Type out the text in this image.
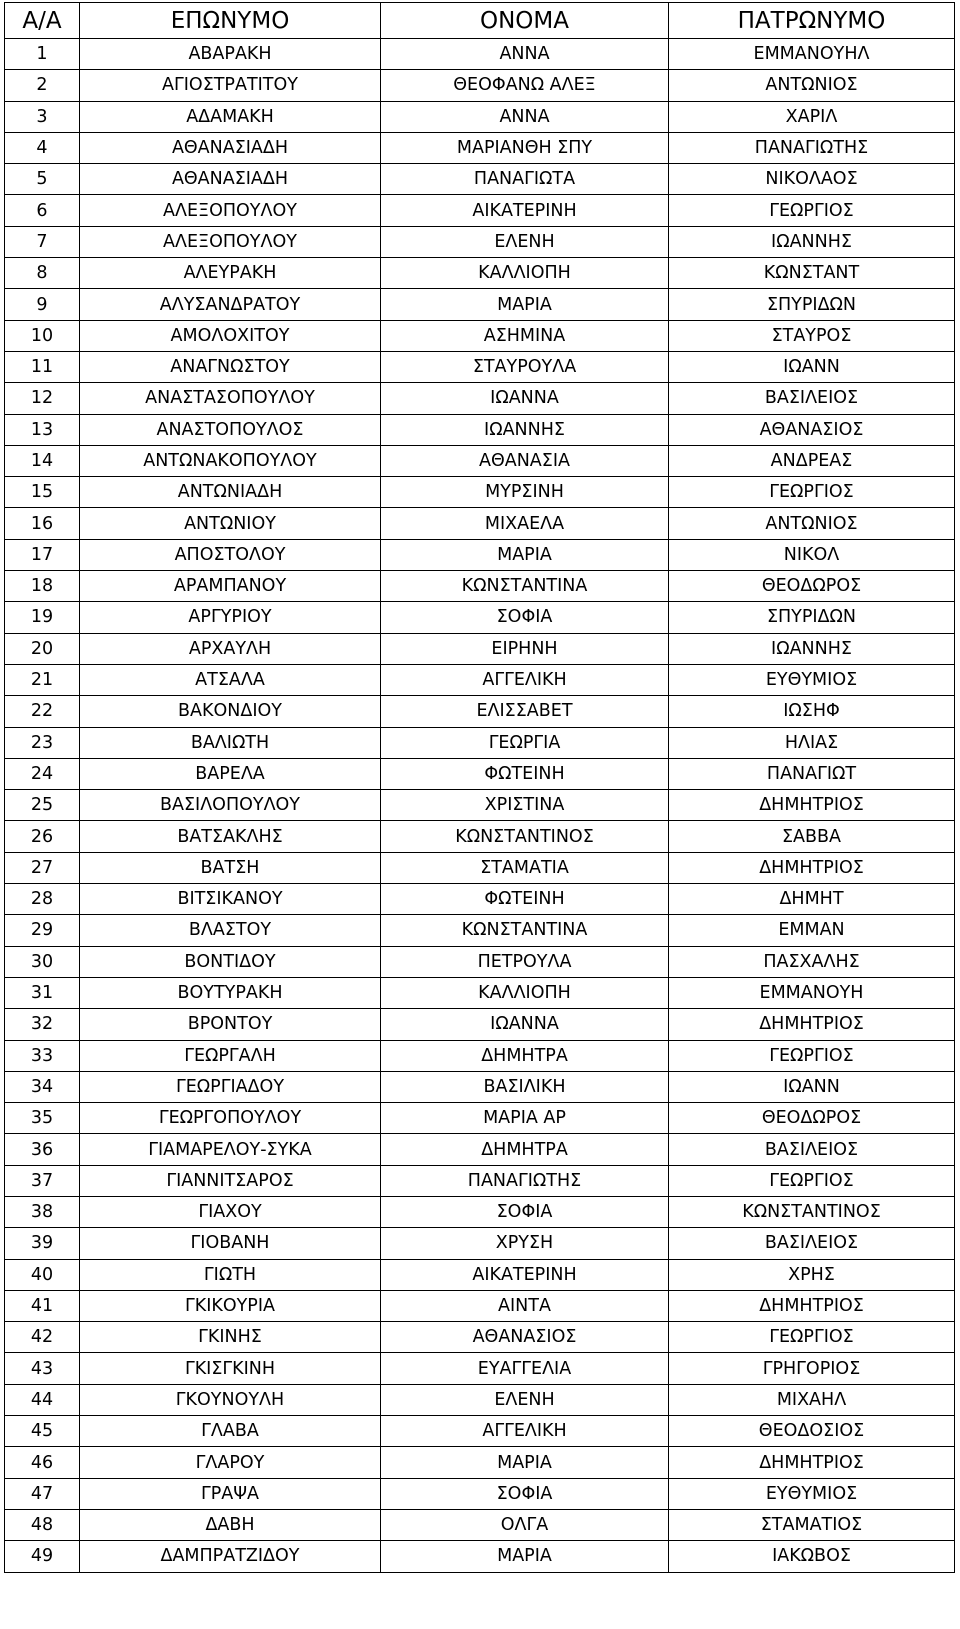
Α/Α	ΕΠΩΝΥΜΟ	ΟΝΟΜΑ	ΠΑΤΡΩΝΥΜΟ
1	ΑΒΑΡΑΚΗ	ΑΝΝΑ	ΕΜΜΑΝΟΥΗΛ
2	ΑΓΙΟΣΤΡΑΤΙΤΟΥ	ΘΕΟΦΑΝΩ ΑΛΕΞ	ΑΝΤΩΝΙΟΣ
3	ΑΔΑΜΑΚΗ	ΑΝΝΑ	ΧΑΡΙΛ
4	ΑΘΑΝΑΣΙΑΔΗ	ΜΑΡΙΑΝΘΗ ΣΠΥ	ΠΑΝΑΓΙΩΤΗΣ
5	ΑΘΑΝΑΣΙΑΔΗ	ΠΑΝΑΓΙΩΤΑ	ΝΙΚΟΛΑΟΣ
6	ΑΛΕΞΟΠΟΥΛΟΥ	ΑΙΚΑΤΕΡΙΝΗ	ΓΕΩΡΓΙΟΣ
7	ΑΛΕΞΟΠΟΥΛΟΥ	ΕΛΕΝΗ	ΙΩΑΝΝΗΣ
8	ΑΛΕΥΡΑΚΗ	ΚΑΛΛΙΟΠΗ	ΚΩΝΣΤΑΝΤ
9	ΑΛΥΣΑΝΔΡΑΤΟΥ	ΜΑΡΙΑ	ΣΠΥΡΙΔΩΝ
10	ΑΜΟΛΟΧΙΤΟΥ	ΑΣΗΜΙΝΑ	ΣΤΑΥΡΟΣ
11	ΑΝΑΓΝΩΣΤΟΥ	ΣΤΑΥΡΟΥΛΑ	ΙΩΑΝΝ
12	ΑΝΑΣΤΑΣΟΠΟΥΛΟΥ	ΙΩΑΝΝΑ	ΒΑΣΙΛΕΙΟΣ
13	ΑΝΑΣΤΟΠΟΥΛΟΣ	ΙΩΑΝΝΗΣ	ΑΘΑΝΑΣΙΟΣ
14	ΑΝΤΩΝΑΚΟΠΟΥΛΟΥ	ΑΘΑΝΑΣΙΑ	ΑΝΔΡΕΑΣ
15	ΑΝΤΩΝΙΑΔΗ	ΜΥΡΣΙΝΗ	ΓΕΩΡΓΙΟΣ
16	ΑΝΤΩΝΙΟΥ	ΜΙΧΑΕΛΑ	ΑΝΤΩΝΙΟΣ
17	ΑΠΟΣΤΟΛΟΥ	ΜΑΡΙΑ	ΝΙΚΟΛ
18	ΑΡΑΜΠΑΝΟΥ	ΚΩΝΣΤΑΝΤΙΝΑ	ΘΕΟΔΩΡΟΣ
19	ΑΡΓΥΡΙΟΥ	ΣΟΦΙΑ	ΣΠΥΡΙΔΩΝ
20	ΑΡΧΑΥΛΗ	ΕΙΡΗΝΗ	ΙΩΑΝΝΗΣ
21	ΑΤΣΑΛΑ	ΑΓΓΕΛΙΚΗ	ΕΥΘΥΜΙΟΣ
22	ΒΑΚΟΝΔΙΟΥ	ΕΛΙΣΣΑΒΕΤ	ΙΩΣΗΦ
23	ΒΑΛΙΩΤΗ	ΓΕΩΡΓΙΑ	ΗΛΙΑΣ
24	ΒΑΡΕΛΑ	ΦΩΤΕΙΝΗ	ΠΑΝΑΓΙΩΤ
25	ΒΑΣΙΛΟΠΟΥΛΟΥ	ΧΡΙΣΤΙΝΑ	ΔΗΜΗΤΡΙΟΣ
26	ΒΑΤΣΑΚΛΗΣ	ΚΩΝΣΤΑΝΤΙΝΟΣ	ΣΑΒΒΑ
27	ΒΑΤΣΗ	ΣΤΑΜΑΤΙΑ	ΔΗΜΗΤΡΙΟΣ
28	ΒΙΤΣΙΚΑΝΟΥ	ΦΩΤΕΙΝΗ	ΔΗΜΗΤ
29	ΒΛΑΣΤΟΥ	ΚΩΝΣΤΑΝΤΙΝΑ	ΕΜΜΑΝ
30	ΒΟΝΤΙΔΟΥ	ΠΕΤΡΟΥΛΑ	ΠΑΣΧΑΛΗΣ
31	ΒΟΥΤΥΡΑΚΗ	ΚΑΛΛΙΟΠΗ	ΕΜΜΑΝΟΥΗ
32	ΒΡΟΝΤΟΥ	ΙΩΑΝΝΑ	ΔΗΜΗΤΡΙΟΣ
33	ΓΕΩΡΓΑΛΗ	ΔΗΜΗΤΡΑ	ΓΕΩΡΓΙΟΣ
34	ΓΕΩΡΓΙΑΔΟΥ	ΒΑΣΙΛΙΚΗ	ΙΩΑΝΝ
35	ΓΕΩΡΓΟΠΟΥΛΟΥ	ΜΑΡΙΑ ΑΡ	ΘΕΟΔΩΡΟΣ
36	ΓΙΑΜΑΡΕΛΟΥ-ΣΥΚΑ	ΔΗΜΗΤΡΑ	ΒΑΣΙΛΕΙΟΣ
37	ΓΙΑΝΝΙΤΣΑΡΟΣ	ΠΑΝΑΓΙΩΤΗΣ	ΓΕΩΡΓΙΟΣ
38	ΓΙΑΧΟΥ	ΣΟΦΙΑ	ΚΩΝΣΤΑΝΤΙΝΟΣ
39	ΓΙΟΒΑΝΗ	ΧΡΥΣΗ	ΒΑΣΙΛΕΙΟΣ
40	ΓΙΩΤΗ	ΑΙΚΑΤΕΡΙΝΗ	ΧΡΗΣ
41	ΓΚΙΚΟΥΡΙΑ	ΑΙΝΤΑ	ΔΗΜΗΤΡΙΟΣ
42	ΓΚΙΝΗΣ	ΑΘΑΝΑΣΙΟΣ	ΓΕΩΡΓΙΟΣ
43	ΓΚΙΣΓΚΙΝΗ	ΕΥΑΓΓΕΛΙΑ	ΓΡΗΓΟΡΙΟΣ
44	ΓΚΟΥΝΟΥΛΗ	ΕΛΕΝΗ	ΜΙΧΑΗΛ
45	ΓΛΑΒΑ	ΑΓΓΕΛΙΚΗ	ΘΕΟΔΟΣΙΟΣ
46	ΓΛΑΡΟΥ	ΜΑΡΙΑ	ΔΗΜΗΤΡΙΟΣ
47	ΓΡΑΨΑ	ΣΟΦΙΑ	ΕΥΘΥΜΙΟΣ
48	ΔΑΒΗ	ΟΛΓΑ	ΣΤΑΜΑΤΙΟΣ
49	ΔΑΜΠΡΑΤΖΙΔΟΥ	ΜΑΡΙΑ	ΙΑΚΩΒΟΣ
